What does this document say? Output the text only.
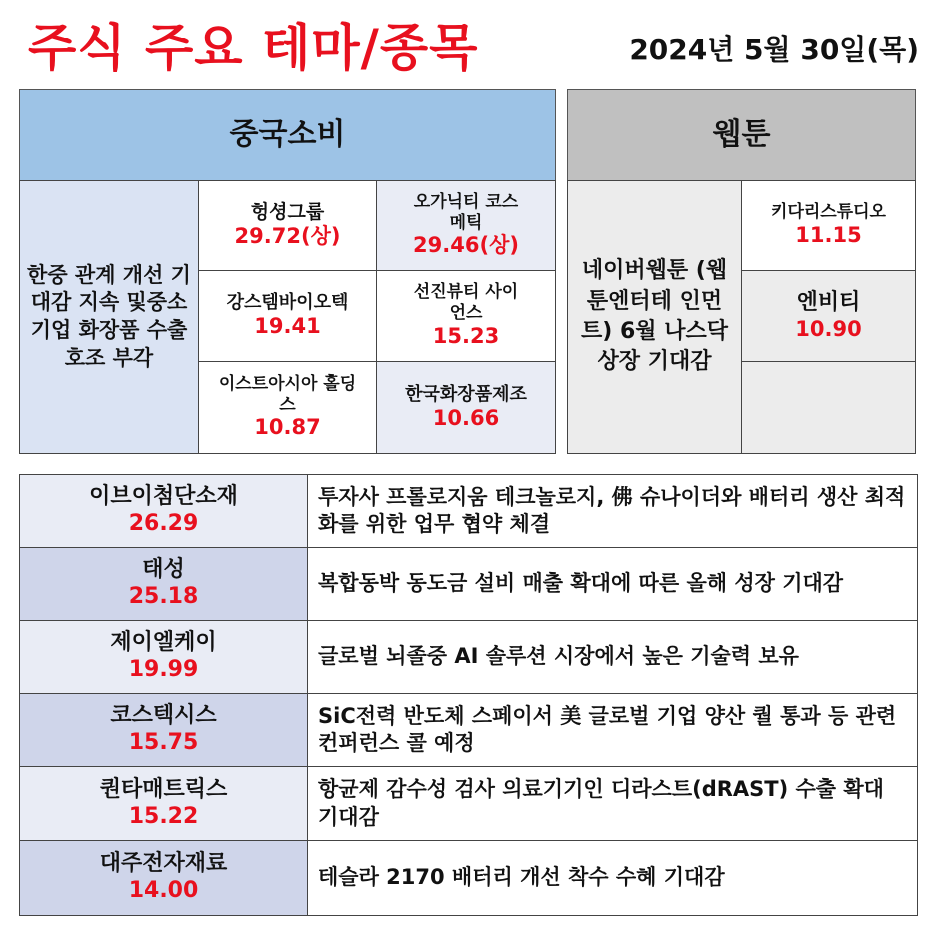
주식 주요 테마/종목	2024년 5월 30일(목)
중국소비
한중 관계 개선 기대감 지속 및중소기업 화장품 수출 호조 부각
헝셩그룹
29.72(상)
오가닉티 코스메틱
29.46(상)
강스템바이오텍
19.41
선진뷰티 사이언스
15.23
이스트아시아 홀딩스
10.87
한국화장품제조
10.66
웹툰
네이버웹툰 (웹툰엔터테 인먼트) 6월 나스닥 상장 기대감
키다리스튜디오
11.15
엔비티
10.90
이브이첨단소재
26.29
투자사 프롤로지움 테크놀로지, 佛 슈나이더와 배터리 생산 최적화를 위한 업무 협약 체결
태성
25.18
복합동박 동도금 설비 매출 확대에 따른 올해 성장 기대감
제이엘케이
19.99
글로벌 뇌졸중 AI 솔루션 시장에서 높은 기술력 보유
코스텍시스
15.75
SiC전력 반도체 스페이서 美 글로벌 기업 양산 퀄 통과 등 관련 컨퍼런스 콜 예정
퀀타매트릭스
15.22
항균제 감수성 검사 의료기기인 디라스트(dRAST) 수출 확대 기대감
대주전자재료
14.00
테슬라 2170 배터리 개선 착수 수혜 기대감
